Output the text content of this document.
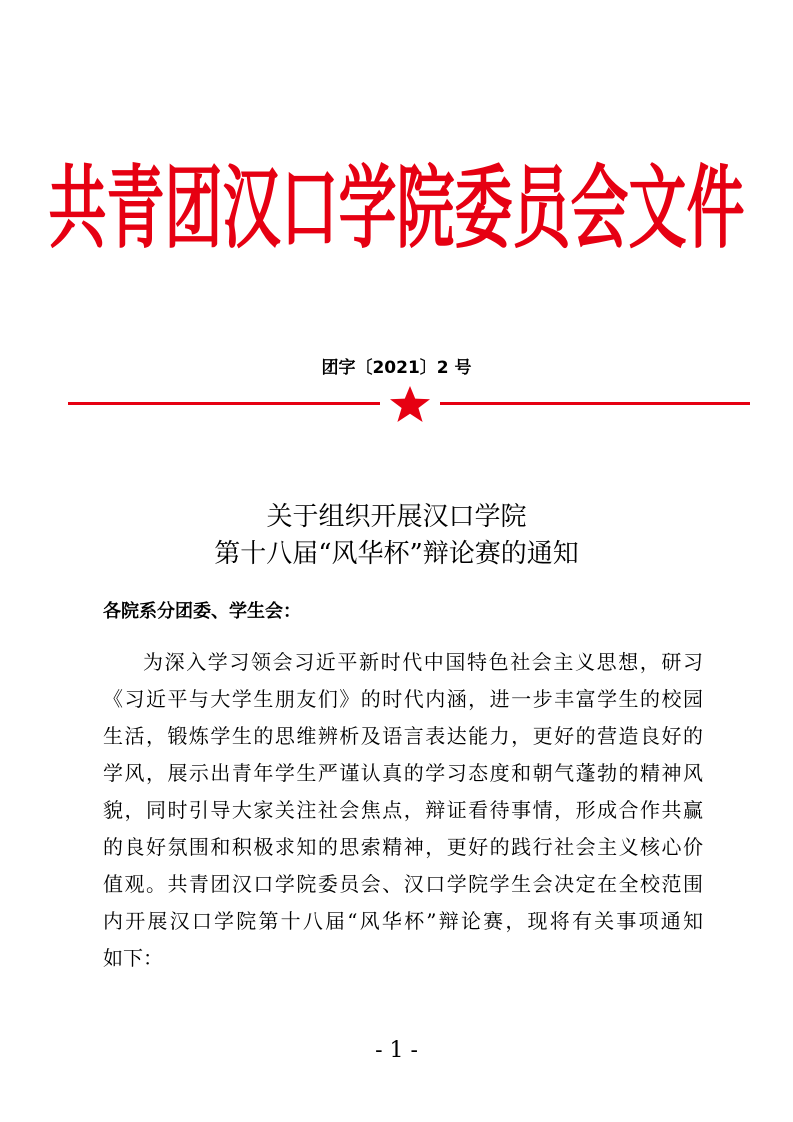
共青团汉口学院委员会文件
团字〔2021〕2 号
关于组织开展汉口学院
第十八届“风华杯”辩论赛的通知
各院系分团委、学生会：
为深入学习领会习近平新时代中国特色社会主义思想，研习
《习近平与大学生朋友们》的时代内涵，进一步丰富学生的校园
生活，锻炼学生的思维辨析及语言表达能力，更好的营造良好的
学风，展示出青年学生严谨认真的学习态度和朝气蓬勃的精神风
貌，同时引导大家关注社会焦点，辩证看待事情，形成合作共赢
的良好氛围和积极求知的思索精神，更好的践行社会主义核心价
值观。共青团汉口学院委员会、汉口学院学生会决定在全校范围
内开展汉口学院第十八届“风华杯”辩论赛，现将有关事项通知
如下：
- 1 -
